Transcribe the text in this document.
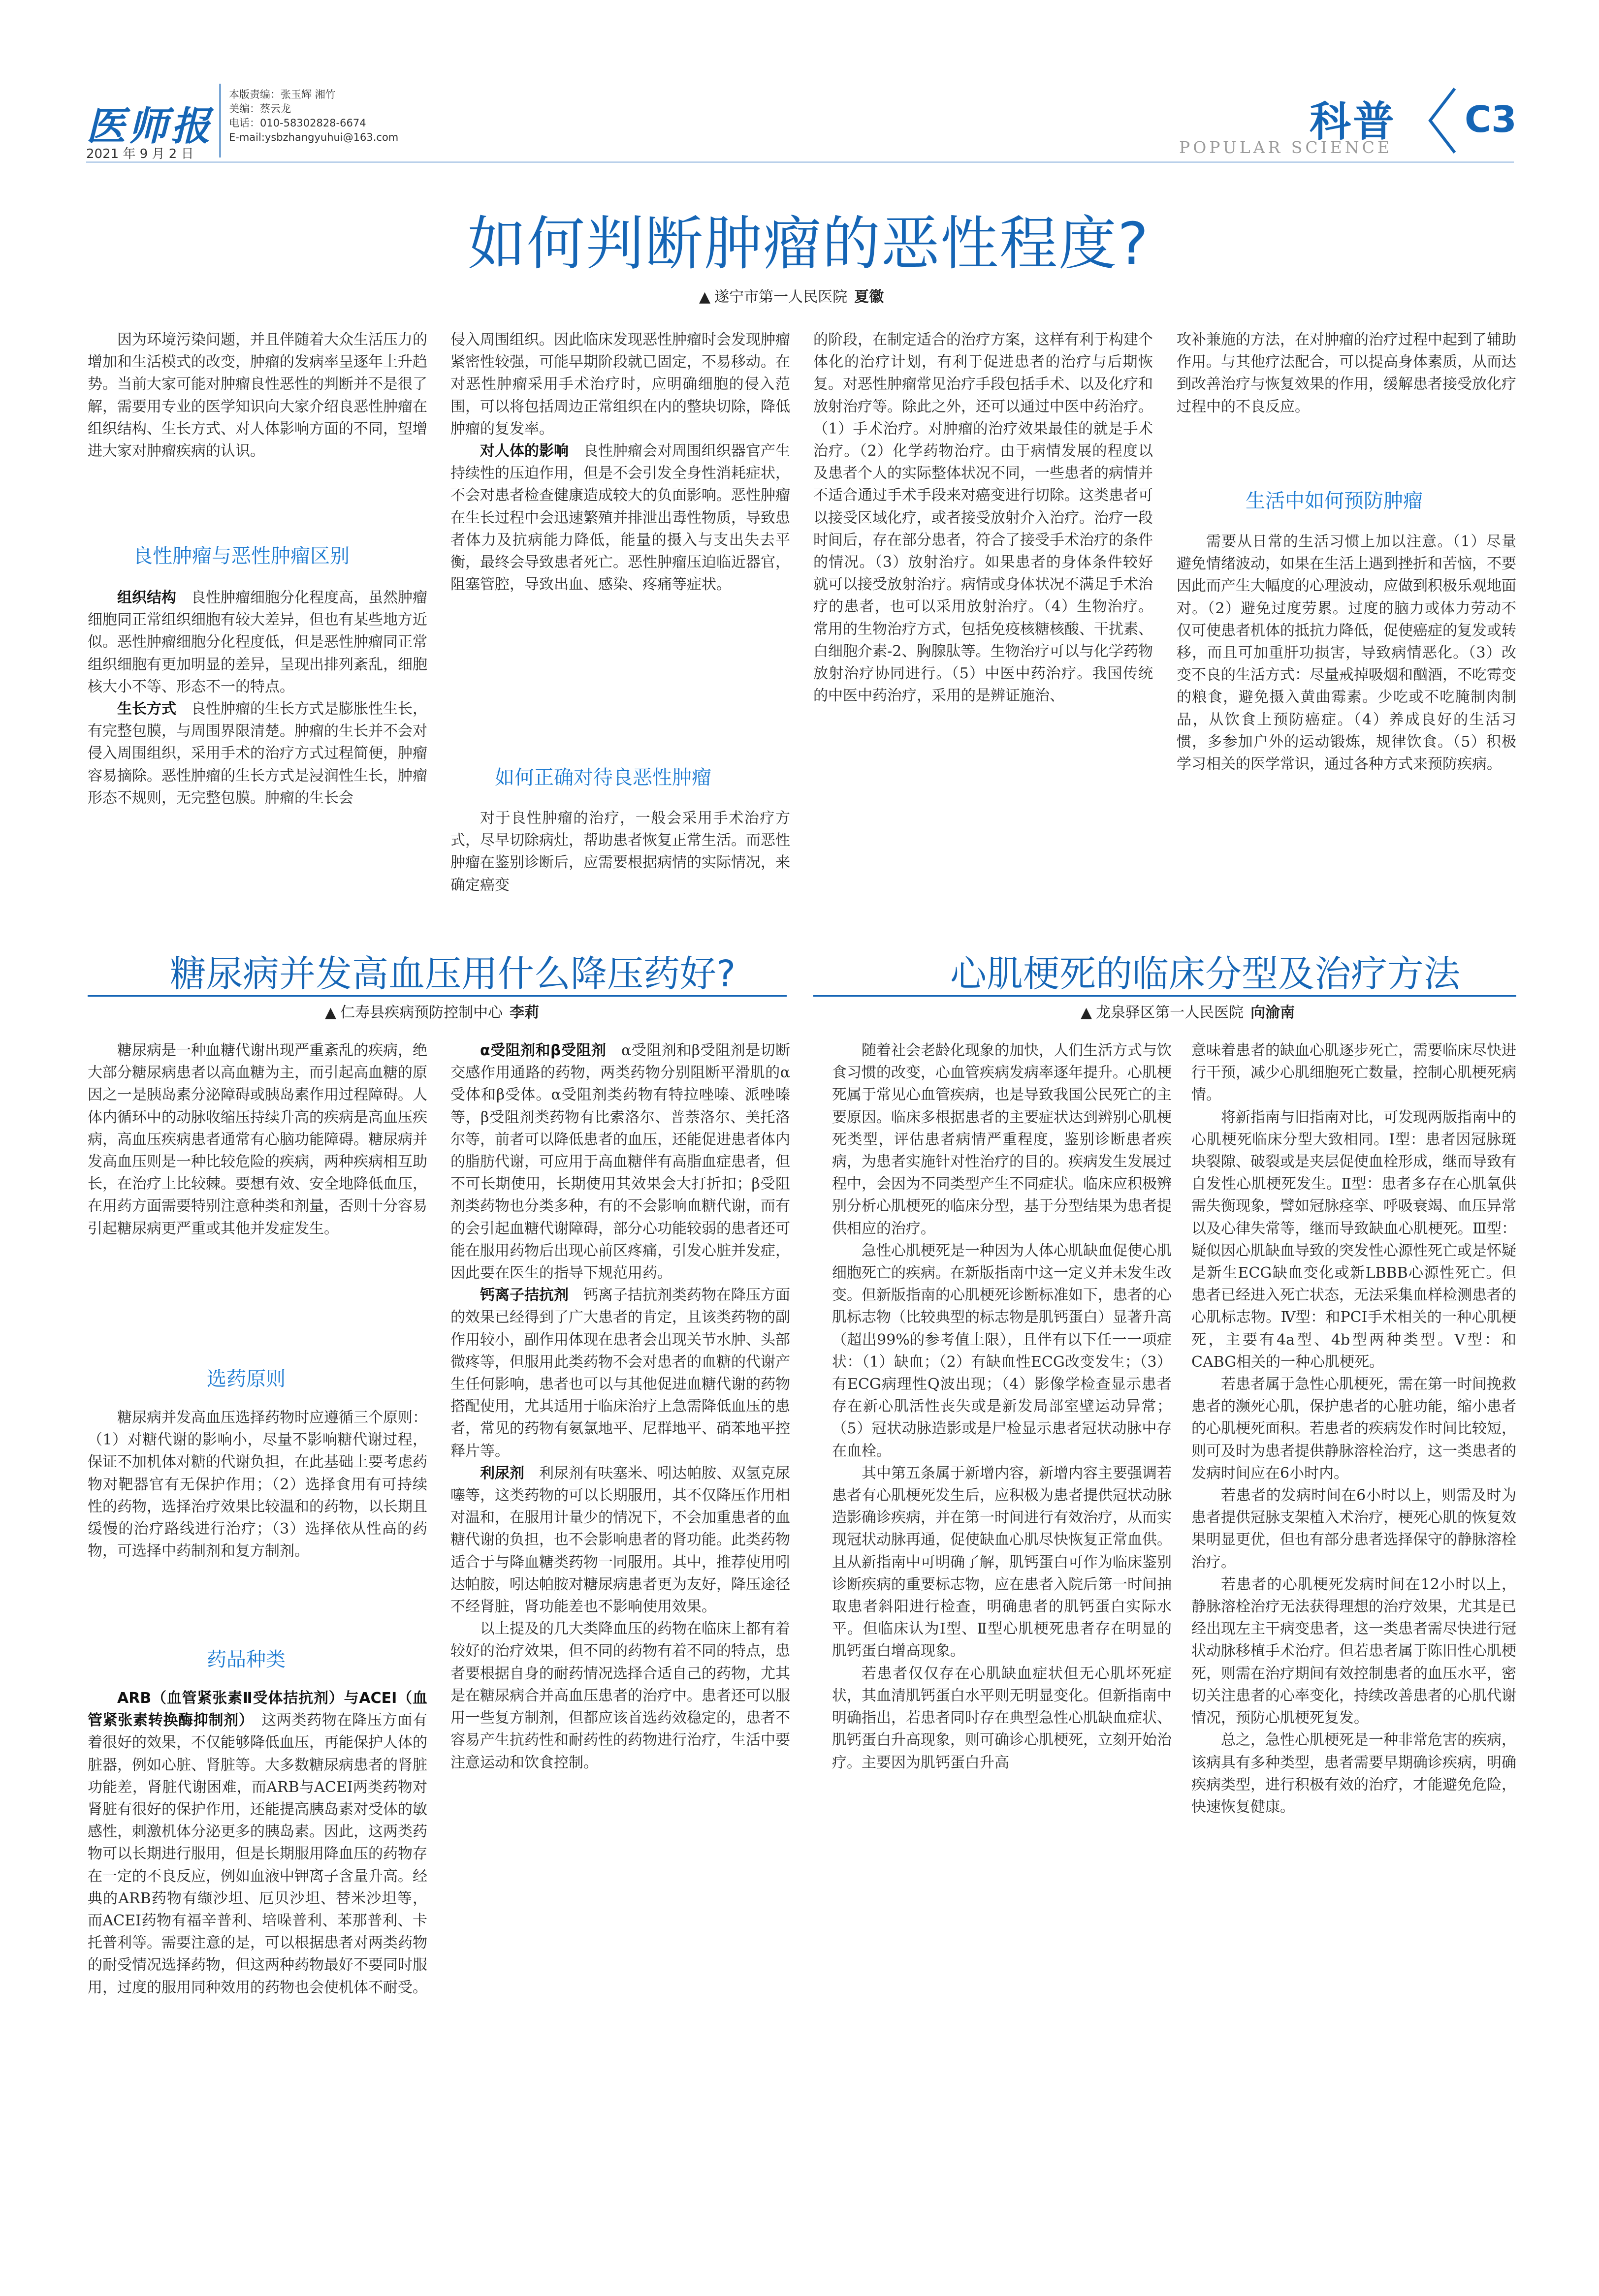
医师报
2021 年 9 月 2 日
本版责编：张玉辉 湘竹
美编：蔡云龙
电话：010-58302828-6674
E-mail:ysbzhangyuhui@163.com	科普
POPULAR SCIENCE
C3
如何判断肿瘤的恶性程度?
▲ 遂宁市第一人民医院 夏徽

因为环境污染问题，并且伴随着大众生活压力的增加和生活模式的改变，肿瘤的发病率呈逐年上升趋势。当前大家可能对肿瘤良性恶性的判断并不是很了解，需要用专业的医学知识向大家介绍良恶性肿瘤在组织结构、生长方式、对人体影响方面的不同，望增进大家对肿瘤疾病的认识。

良性肿瘤与恶性肿瘤区别

组织结构　 良性肿瘤细胞分化程度高，虽然肿瘤细胞同正常组织细胞有较大差异，但也有某些地方近似。恶性肿瘤细胞分化程度低，但是恶性肿瘤同正常组织细胞有更加明显的差异，呈现出排列紊乱，细胞核大小不等、形态不一的特点。

生长方式　 良性肿瘤的生长方式是膨胀性生长，有完整包膜，与周围界限清楚。肿瘤的生长并不会对侵入周围组织，采用手术的治疗方式过程简便，肿瘤容易摘除。恶性肿瘤的生长方式是浸润性生长，肿瘤形态不规则，无完整包膜。肿瘤的生长会

侵入周围组织。因此临床发现恶性肿瘤时会发现肿瘤紧密性较强，可能早期阶段就已固定，不易移动。在对恶性肿瘤采用手术治疗时，应明确细胞的侵入范围，可以将包括周边正常组织在内的整块切除，降低肿瘤的复发率。

对人体的影响　 良性肿瘤会对周围组织器官产生持续性的压迫作用，但是不会引发全身性消耗症状，不会对患者检查健康造成较大的负面影响。恶性肿瘤在生长过程中会迅速繁殖并排泄出毒性物质，导致患者体力及抗病能力降低，能量的摄入与支出失去平衡，最终会导致患者死亡。恶性肿瘤压迫临近器官，阻塞管腔，导致出血、感染、疼痛等症状。

如何正确对待良恶性肿瘤

对于良性肿瘤的治疗，一般会采用手术治疗方式，尽早切除病灶，帮助患者恢复正常生活。而恶性肿瘤在鉴别诊断后，应需要根据病情的实际情况，来确定癌变

的阶段，在制定适合的治疗方案，这样有利于构建个体化的治疗计划，有利于促进患者的治疗与后期恢复。对恶性肿瘤常见治疗手段包括手术、以及化疗和放射治疗等。除此之外，还可以通过中医中药治疗。（1）手术治疗。对肿瘤的治疗效果最佳的就是手术治疗。（2）化学药物治疗。由于病情发展的程度以及患者个人的实际整体状况不同，一些患者的病情并不适合通过手术手段来对癌变进行切除。这类患者可以接受区域化疗，或者接受放射介入治疗。治疗一段时间后，存在部分患者，符合了接受手术治疗的条件的情况。（3）放射治疗。如果患者的身体条件较好就可以接受放射治疗。病情或身体状况不满足手术治疗的患者，也可以采用放射治疗。（4）生物治疗。常用的生物治疗方式，包括免疫核糖核酸、干扰素、白细胞介素-2、胸腺肽等。生物治疗可以与化学药物放射治疗协同进行。（5）中医中药治疗。我国传统的中医中药治疗，采用的是辨证施治、

攻补兼施的方法，在对肿瘤的治疗过程中起到了辅助作用。与其他疗法配合，可以提高身体素质，从而达到改善治疗与恢复效果的作用，缓解患者接受放化疗过程中的不良反应。

生活中如何预防肿瘤

需要从日常的生活习惯上加以注意。（1）尽量避免情绪波动，如果在生活上遇到挫折和苦恼，不要因此而产生大幅度的心理波动，应做到积极乐观地面对。（2）避免过度劳累。过度的脑力或体力劳动不仅可使患者机体的抵抗力降低，促使癌症的复发或转移，而且可加重肝功损害，导致病情恶化。（3）改变不良的生活方式：尽量戒掉吸烟和酗酒，不吃霉变的粮食，避免摄入黄曲霉素。少吃或不吃腌制肉制品，从饮食上预防癌症。（4）养成良好的生活习惯，多参加户外的运动锻炼，规律饮食。（5）积极学习相关的医学常识，通过各种方式来预防疾病。

糖尿病并发高血压用什么降压药好?
▲ 仁寿县疾病预防控制中心 李莉

糖尿病是一种血糖代谢出现严重紊乱的疾病，绝大部分糖尿病患者以高血糖为主，而引起高血糖的原因之一是胰岛素分泌障碍或胰岛素作用过程障碍。人体内循环中的动脉收缩压持续升高的疾病是高血压疾病，高血压疾病患者通常有心脑功能障碍。糖尿病并发高血压则是一种比较危险的疾病，两种疾病相互助长，在治疗上比较棘。要想有效、安全地降低血压，在用药方面需要特别注意种类和剂量，否则十分容易引起糖尿病更严重或其他并发症发生。

选药原则

糖尿病并发高血压选择药物时应遵循三个原则：（1）对糖代谢的影响小，尽量不影响糖代谢过程，保证不加机体对糖的代谢负担，在此基础上要考虑药物对靶器官有无保护作用；（2）选择食用有可持续性的药物，选择治疗效果比较温和的药物，以长期且缓慢的治疗路线进行治疗；（3）选择依从性高的药物，可选择中药制剂和复方制剂。

药品种类

ARB（血管紧张素Ⅱ受体拮抗剂）与ACEI（血管紧张素转换酶抑制剂）　 这两类药物在降压方面有着很好的效果，不仅能够降低血压，再能保护人体的脏器，例如心脏、肾脏等。大多数糖尿病患者的肾脏功能差，肾脏代谢困难，而ARB与ACEI两类药物对肾脏有很好的保护作用，还能提高胰岛素对受体的敏感性，刺激机体分泌更多的胰岛素。因此，这两类药物可以长期进行服用，但是长期服用降血压的药物存在一定的不良反应，例如血液中钾离子含量升高。经典的ARB药物有缬沙坦、厄贝沙坦、替米沙坦等，而ACEI药物有福辛普利、培哚普利、苯那普利、卡托普利等。需要注意的是，可以根据患者对两类药物的耐受情况选择药物，但这两种药物最好不要同时服用，过度的服用同种效用的药物也会使机体不耐受。

α受阻剂和β受阻剂　 α受阻剂和β受阻剂是切断交感作用通路的药物，两类药物分别阻断平滑肌的α受体和β受体。α受阻剂类药物有特拉唑嗪、派唑嗪等，β受阻剂类药物有比索洛尔、普萘洛尔、美托洛尔等，前者可以降低患者的血压，还能促进患者体内的脂肪代谢，可应用于高血糖伴有高脂血症患者，但不可长期使用，长期使用其效果会大打折扣；β受阻剂类药物也分类多种，有的不会影响血糖代谢，而有的会引起血糖代谢障碍，部分心功能较弱的患者还可能在服用药物后出现心前区疼痛，引发心脏并发症，因此要在医生的指导下规范用药。

钙离子拮抗剂　 钙离子拮抗剂类药物在降压方面的效果已经得到了广大患者的肯定，且该类药物的副作用较小，副作用体现在患者会出现关节水肿、头部微疼等，但服用此类药物不会对患者的血糖的代谢产生任何影响，患者也可以与其他促进血糖代谢的药物搭配使用，尤其适用于临床治疗上急需降低血压的患者，常见的药物有氨氯地平、尼群地平、硝苯地平控释片等。

利尿剂　 利尿剂有呋塞米、吲达帕胺、双氢克尿噻等，这类药物的可以长期服用，其不仅降压作用相对温和，在服用计量少的情况下，不会加重患者的血糖代谢的负担，也不会影响患者的肾功能。此类药物适合于与降血糖类药物一同服用。其中，推荐使用吲达帕胺，吲达帕胺对糖尿病患者更为友好，降压途径不经肾脏，肾功能差也不影响使用效果。

以上提及的几大类降血压的药物在临床上都有着较好的治疗效果，但不同的药物有着不同的特点，患者要根据自身的耐药情况选择合适自己的药物，尤其是在糖尿病合并高血压患者的治疗中。患者还可以服用一些复方制剂，但都应该首选药效稳定的，患者不容易产生抗药性和耐药性的药物进行治疗，生活中要注意运动和饮食控制。

心肌梗死的临床分型及治疗方法
▲ 龙泉驿区第一人民医院 向渝南

随着社会老龄化现象的加快，人们生活方式与饮食习惯的改变，心血管疾病发病率逐年提升。心肌梗死属于常见心血管疾病，也是导致我国公民死亡的主要原因。临床多根据患者的主要症状达到辨别心肌梗死类型，评估患者病情严重程度，鉴别诊断患者疾病，为患者实施针对性治疗的目的。疾病发生发展过程中，会因为不同类型产生不同症状。临床应积极辨别分析心肌梗死的临床分型，基于分型结果为患者提供相应的治疗。

急性心肌梗死是一种因为人体心肌缺血促使心肌细胞死亡的疾病。在新版指南中这一定义并未发生改变。但新版指南的心肌梗死诊断标准如下，患者的心肌标志物（比较典型的标志物是肌钙蛋白）显著升高（超出99%的参考值上限），且伴有以下任一一项症状：（1）缺血；（2）有缺血性ECG改变发生；（3）有ECG病理性Q波出现；（4）影像学检查显示患者存在新心肌活性丧失或是新发局部室壁运动异常；（5）冠状动脉造影或是尸检显示患者冠状动脉中存在血栓。

其中第五条属于新增内容，新增内容主要强调若患者有心肌梗死发生后，应积极为患者提供冠状动脉造影确诊疾病，并在第一时间进行有效治疗，从而实现冠状动脉再通，促使缺血心肌尽快恢复正常血供。且从新指南中可明确了解，肌钙蛋白可作为临床鉴别诊断疾病的重要标志物，应在患者入院后第一时间抽取患者斜阳进行检查，明确患者的肌钙蛋白实际水平。但临床认为Ⅰ型、Ⅱ型心肌梗死患者存在明显的肌钙蛋白增高现象。

若患者仅仅存在心肌缺血症状但无心肌坏死症状，其血清肌钙蛋白水平则无明显变化。但新指南中明确指出，若患者同时存在典型急性心肌缺血症状、肌钙蛋白升高现象，则可确诊心肌梗死，立刻开始治疗。主要因为肌钙蛋白升高

意味着患者的缺血心肌逐步死亡，需要临床尽快进行干预，减少心肌细胞死亡数量，控制心肌梗死病情。

将新指南与旧指南对比，可发现两版指南中的心肌梗死临床分型大致相同。Ⅰ型：患者因冠脉斑块裂隙、破裂或是夹层促使血栓形成，继而导致有自发性心肌梗死发生。Ⅱ型：患者多存在心肌氧供需失衡现象，譬如冠脉痉挛、呼吸衰竭、血压异常以及心律失常等，继而导致缺血心肌梗死。Ⅲ型：疑似因心肌缺血导致的突发性心源性死亡或是怀疑是新生ECG缺血变化或新LBBB心源性死亡。但患者已经进入死亡状态，无法采集血样检测患者的心肌标志物。Ⅳ型：和PCI手术相关的一种心肌梗死，主要有4a型、4b型两种类型。Ⅴ型：和CABG相关的一种心肌梗死。

若患者属于急性心肌梗死，需在第一时间挽救患者的濒死心肌，保护患者的心脏功能，缩小患者的心肌梗死面积。若患者的疾病发作时间比较短，则可及时为患者提供静脉溶栓治疗，这一类患者的发病时间应在6小时内。

若患者的发病时间在6小时以上，则需及时为患者提供冠脉支架植入术治疗，梗死心肌的恢复效果明显更优，但也有部分患者选择保守的静脉溶栓治疗。

若患者的心肌梗死发病时间在12小时以上，静脉溶栓治疗无法获得理想的治疗效果，尤其是已经出现左主干病变患者，这一类患者需尽快进行冠状动脉移植手术治疗。但若患者属于陈旧性心肌梗死，则需在治疗期间有效控制患者的血压水平，密切关注患者的心率变化，持续改善患者的心肌代谢情况，预防心肌梗死复发。

总之，急性心肌梗死是一种非常危害的疾病，该病具有多种类型，患者需要早期确诊疾病，明确疾病类型，进行积极有效的治疗，才能避免危险，快速恢复健康。
